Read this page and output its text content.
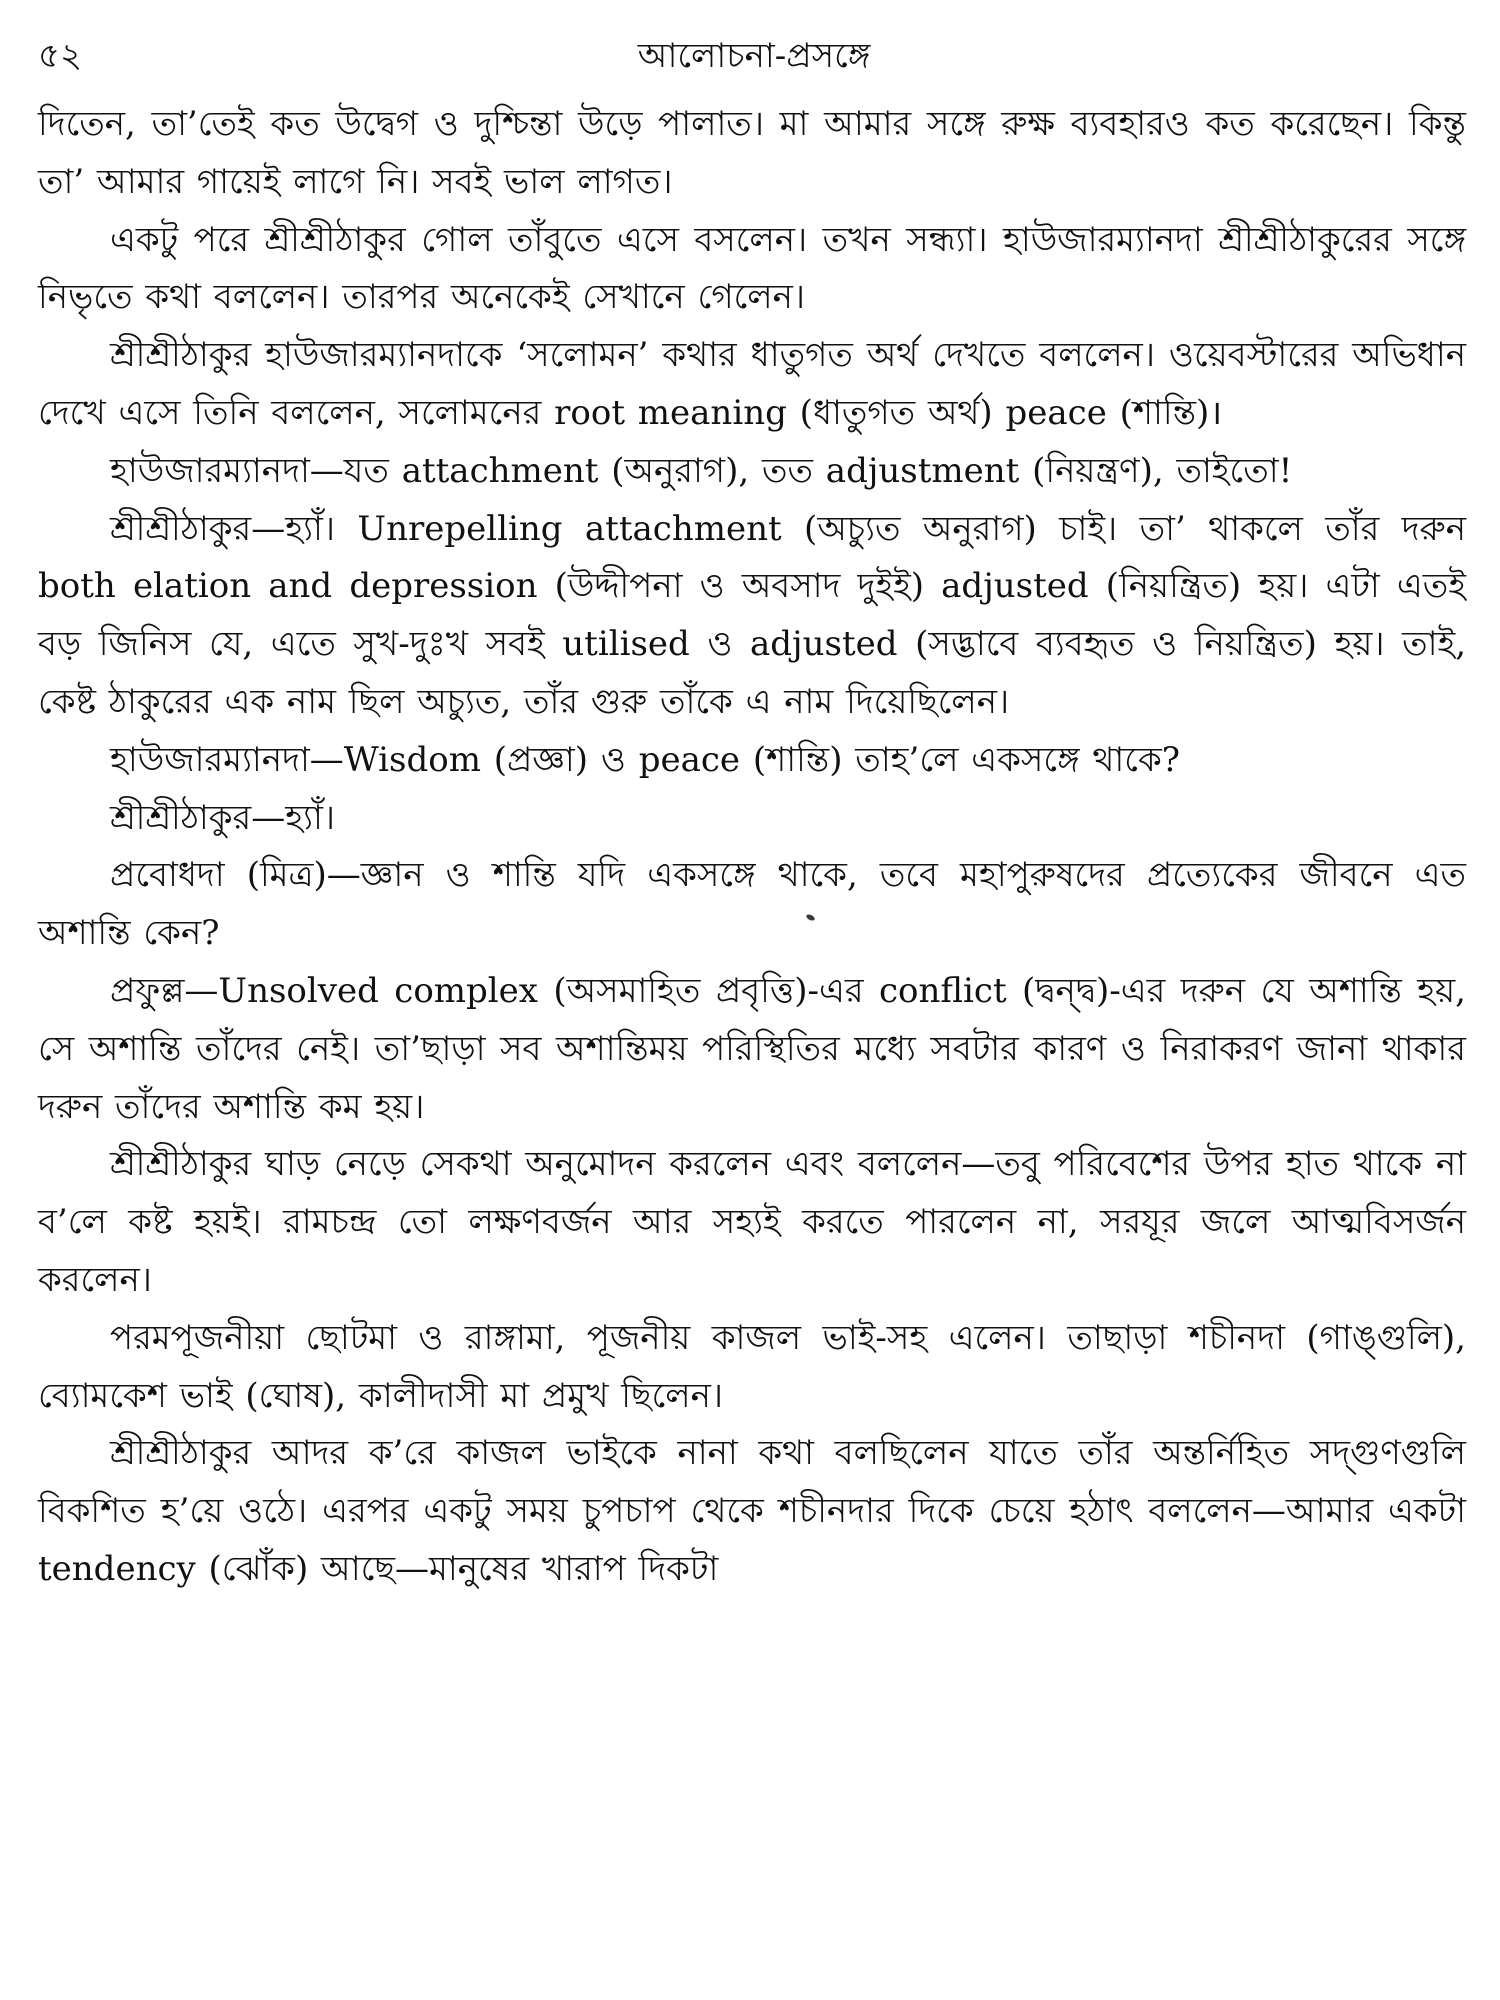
৫২	আলোচনা-প্রসঙ্গে

দিতেন, তা’তেই কত উদ্বেগ ও দুশ্চিন্তা উড়ে পালাত। মা আমার সঙ্গে রুক্ষ ব্যবহারও কত করেছেন। কিন্তু তা’ আমার গায়েই লাগে নি। সবই ভাল লাগত।

একটু পরে শ্রীশ্রীঠাকুর গোল তাঁবুতে এসে বসলেন। তখন সন্ধ্যা। হাউজারম্যানদা শ্রীশ্রীঠাকুরের সঙ্গে নিভৃতে কথা বললেন। তারপর অনেকেই সেখানে গেলেন।

শ্রীশ্রীঠাকুর হাউজারম্যানদাকে ‘সলোমন’ কথার ধাতুগত অর্থ দেখতে বললেন। ওয়েবস্টারের অভিধান দেখে এসে তিনি বললেন, সলোমনের root meaning (ধাতুগত অর্থ) peace (শান্তি)।

হাউজারম্যানদা—যত attachment (অনুরাগ), তত adjustment (নিয়ন্ত্রণ), তাইতো!

শ্রীশ্রীঠাকুর—হ্যাঁ। Unrepelling attachment (অচ্যুত অনুরাগ) চাই। তা’ থাকলে তাঁর দরুন both elation and depression (উদ্দীপনা ও অবসাদ দুইই) adjusted (নিয়ন্ত্রিত) হয়। এটা এতই বড় জিনিস যে, এতে সুখ-দুঃখ সবই utilised ও adjusted (সদ্ভাবে ব্যবহৃত ও নিয়ন্ত্রিত) হয়। তাই, কেষ্ট ঠাকুরের এক নাম ছিল অচ্যুত, তাঁর গুরু তাঁকে এ নাম দিয়েছিলেন।

হাউজারম্যানদা—Wisdom (প্রজ্ঞা) ও peace (শান্তি) তাহ’লে একসঙ্গে থাকে?

শ্রীশ্রীঠাকুর—হ্যাঁ।

প্রবোধদা (মিত্র)—জ্ঞান ও শান্তি যদি একসঙ্গে থাকে, তবে মহাপুরুষদের প্রত্যেকের জীবনে এত অশান্তি কেন?

প্রফুল্ল—Unsolved complex (অসমাহিত প্রবৃত্তি)-এর conflict (দ্বন্দ্ব)-এর দরুন যে অশান্তি হয়, সে অশান্তি তাঁদের নেই। তা’ছাড়া সব অশান্তিময় পরিস্থিতির মধ্যে সবটার কারণ ও নিরাকরণ জানা থাকার দরুন তাঁদের অশান্তি কম হয়।

শ্রীশ্রীঠাকুর ঘাড় নেড়ে সেকথা অনুমোদন করলেন এবং বললেন—তবু পরিবেশের উপর হাত থাকে না ব’লে কষ্ট হয়ই। রামচন্দ্র তো লক্ষণবর্জন আর সহ্যই করতে পারলেন না, সরযূর জলে আত্মবিসর্জন করলেন।

পরমপূজনীয়া ছোটমা ও রাঙ্গামা, পূজনীয় কাজল ভাই-সহ এলেন। তাছাড়া শচীনদা (গাঙ্গুলি), ব্যোমকেশ ভাই (ঘোষ), কালীদাসী মা প্রমুখ ছিলেন।

শ্রীশ্রীঠাকুর আদর ক’রে কাজল ভাইকে নানা কথা বলছিলেন যাতে তাঁর অন্তর্নিহিত সদ্‌গুণগুলি বিকশিত হ’য়ে ওঠে। এরপর একটু সময় চুপচাপ থেকে শচীনদার দিকে চেয়ে হঠাৎ বললেন—আমার একটা tendency (ঝোঁক) আছে—মানুষের খারাপ দিকটা
